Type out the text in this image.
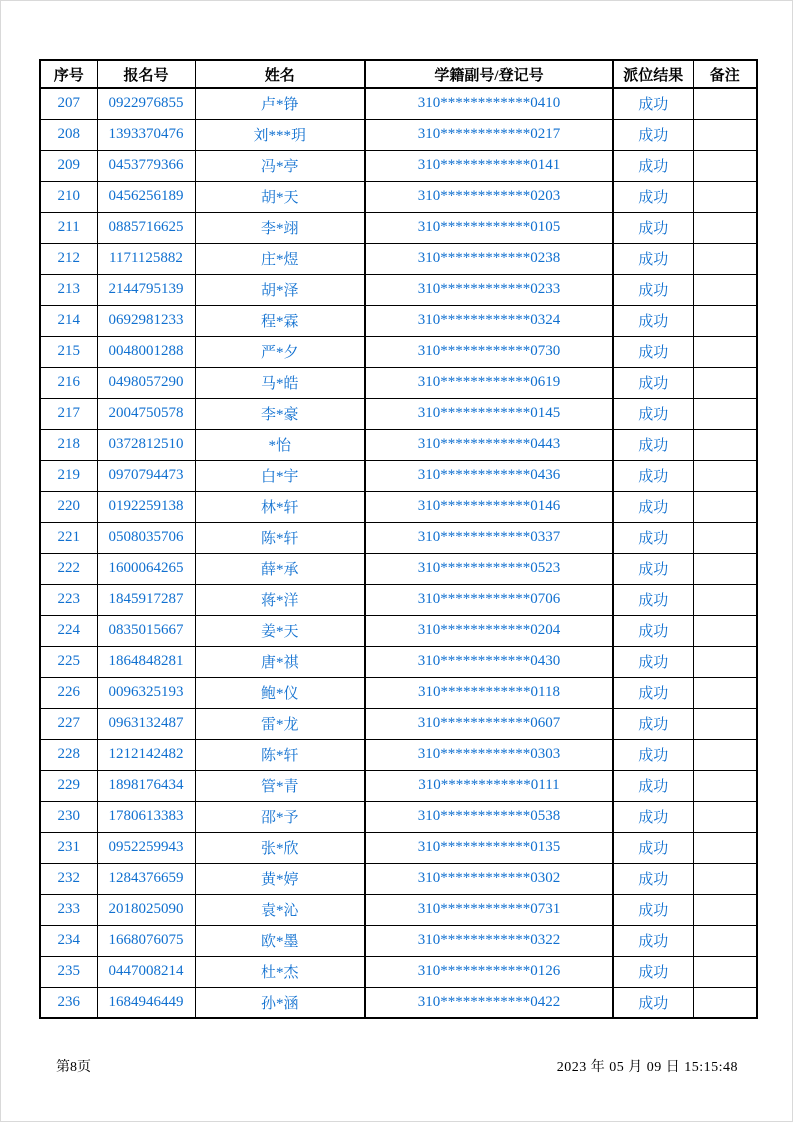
序号	报名号	姓名	学籍副号/登记号	派位结果	备注
207	0922976855	卢*铮	310************0410	成功	
208	1393370476	刘***玥	310************0217	成功	
209	0453779366	冯*亭	310************0141	成功	
210	0456256189	胡*天	310************0203	成功	
211	0885716625	李*翊	310************0105	成功	
212	1171125882	庄*煜	310************0238	成功	
213	2144795139	胡*泽	310************0233	成功	
214	0692981233	程*霖	310************0324	成功	
215	0048001288	严*夕	310************0730	成功	
216	0498057290	马*皓	310************0619	成功	
217	2004750578	李*豪	310************0145	成功	
218	0372812510	*怡	310************0443	成功	
219	0970794473	白*宇	310************0436	成功	
220	0192259138	林*轩	310************0146	成功	
221	0508035706	陈*轩	310************0337	成功	
222	1600064265	薛*承	310************0523	成功	
223	1845917287	蒋*洋	310************0706	成功	
224	0835015667	姜*天	310************0204	成功	
225	1864848281	唐*祺	310************0430	成功	
226	0096325193	鲍*仪	310************0118	成功	
227	0963132487	雷*龙	310************0607	成功	
228	1212142482	陈*轩	310************0303	成功	
229	1898176434	管*青	310************0111	成功	
230	1780613383	邵*予	310************0538	成功	
231	0952259943	张*欣	310************0135	成功	
232	1284376659	黄*婷	310************0302	成功	
233	2018025090	袁*沁	310************0731	成功	
234	1668076075	欧*墨	310************0322	成功	
235	0447008214	杜*杰	310************0126	成功	
236	1684946449	孙*涵	310************0422	成功	
第8页	2023 年 05 月 09 日 15:15:48
